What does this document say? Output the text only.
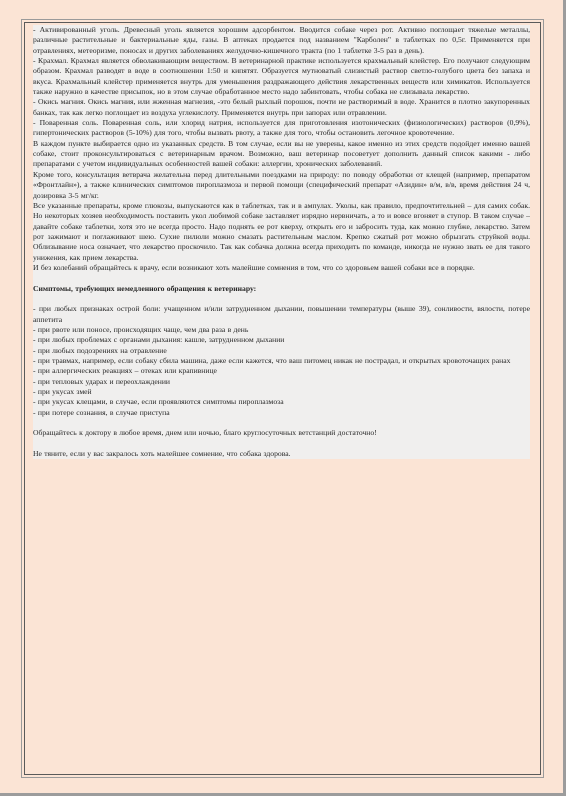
- Активированный уголь. Древесный уголь является хорошим адсорбентом. Вводится собаке через рот. Активно поглощает тяжелые металлы, различные растительные и бактериальные яды, газы. В аптеках продается под названием "Карболен" в таблетках по 0,5г. Применяется при отравлениях, метеоризме, поносах и других заболеваниях желудочно-кишечного тракта (по 1 таблетке 3-5 раз в день).

- Крахмал. Крахмал является обволакивающим веществом. В ветеринарной практике используется крахмальный клейстер. Его получают следующим образом. Крахмал разводят в воде в соотношении 1:50 и кипятят. Образуется мутноватый слизистый раствор светло-голубого цвета без запаха и вкуса. Крахмальный клейстер применяется внутрь для уменьшения раздражающего действия лекарственных веществ или химикатов. Используется также наружно в качестве присыпок, но в этом случае обработанное место надо забинтовать, чтобы собака не слизывала лекарство.

- Окись магния. Окись магния, или жженная магнезия, -это белый рыхлый порошок, почти не растворимый в воде. Хранится в плотно закупоренных банках, так как легко поглощает из воздуха углекислоту. Применяется внутрь при запорах или отравлении.

- Поваренная соль. Поваренная соль, или хлорид натрия, используется для приготовления изотонических (физиологических) растворов (0,9%), гипертонических растворов (5-10%) для того, чтобы вызвать рвоту, а также для того, чтобы остановить легочное кровотечение.

В каждом пункте выбирается одно из указанных средств. В том случае, если вы не уверены, какое именно из этих средств подойдет именно вашей собаке, стоит проконсультироваться с ветеринарным врачом. Возможно, ваш ветеринар посоветует дополнить данный список какими - либо препаратами с учетом индивидуальных особенностей вашей собаки: аллергии, хронических заболеваний.

Кроме того, консультация ветврача желательна перед длительными поездками на природу: по поводу обработки от клещей (например, препаратом «Фронтлайн»), а также клинических симптомов пироплазмоза и первой помощи (специфический препарат «Азидин» в/м, в/в, время действия 24 ч, дозировка 3-5 мг/кг.

Все указанные препараты, кроме глюкозы, выпускаются как в таблетках, так и в ампулах. Уколы, как правило, предпочтительней – для самих собак. Но некоторых хозяев необходимость поставить укол любимой собаке заставляет изрядно нервничать, а то и вовсе вгоняет в ступор. В таком случае – давайте собаке таблетки, хотя это не всегда просто. Надо поднять ее рот кверху, открыть его и забросить туда, как можно глубже, лекарство. Затем рот зажимают и поглаживают шею. Сухие пилюли можно смазать растительным маслом. Крепко сжатый рот можно обрызгать струйкой воды. Облизывание носа означает, что лекарство проскочило. Так как собачка должна всегда приходить по команде, никогда не нужно звать ее для такого унижения, как прием лекарства.

И без колебаний обращайтесь к врачу, если возникают хоть малейшие сомнения в том, что со здоровьем вашей собаки все в порядке.

Симптомы, требующих немедленного обращения к ветеринару:

- при любых признаках острой боли: учащенном и/или затрудненном дыхании, повышении температуры (выше 39), сонливости, вялости, потере аппетита

- при рвоте или поносе, происходящих чаще, чем два раза в день

- при любых проблемах с органами дыхания: кашле, затрудненном дыхании

- при любых подозрениях на отравление

- при травмах, например, если собаку сбила машина, даже если кажется, что ваш питомец никак не пострадал, и открытых кровоточащих ранах

- при аллергических реакциях – отеках или крапивнице

- при тепловых ударах и переохлаждении

- при укусах змей

- при укусах клещами, в случае, если проявляются симптомы пироплазмоза

- при потере сознания, в случае приступа

Обращайтесь к доктору в любое время, днем или ночью, благо круглосуточных ветстанций достаточно!

Не тяните, если у вас закралось хоть малейшее сомнение, что собака здорова.
